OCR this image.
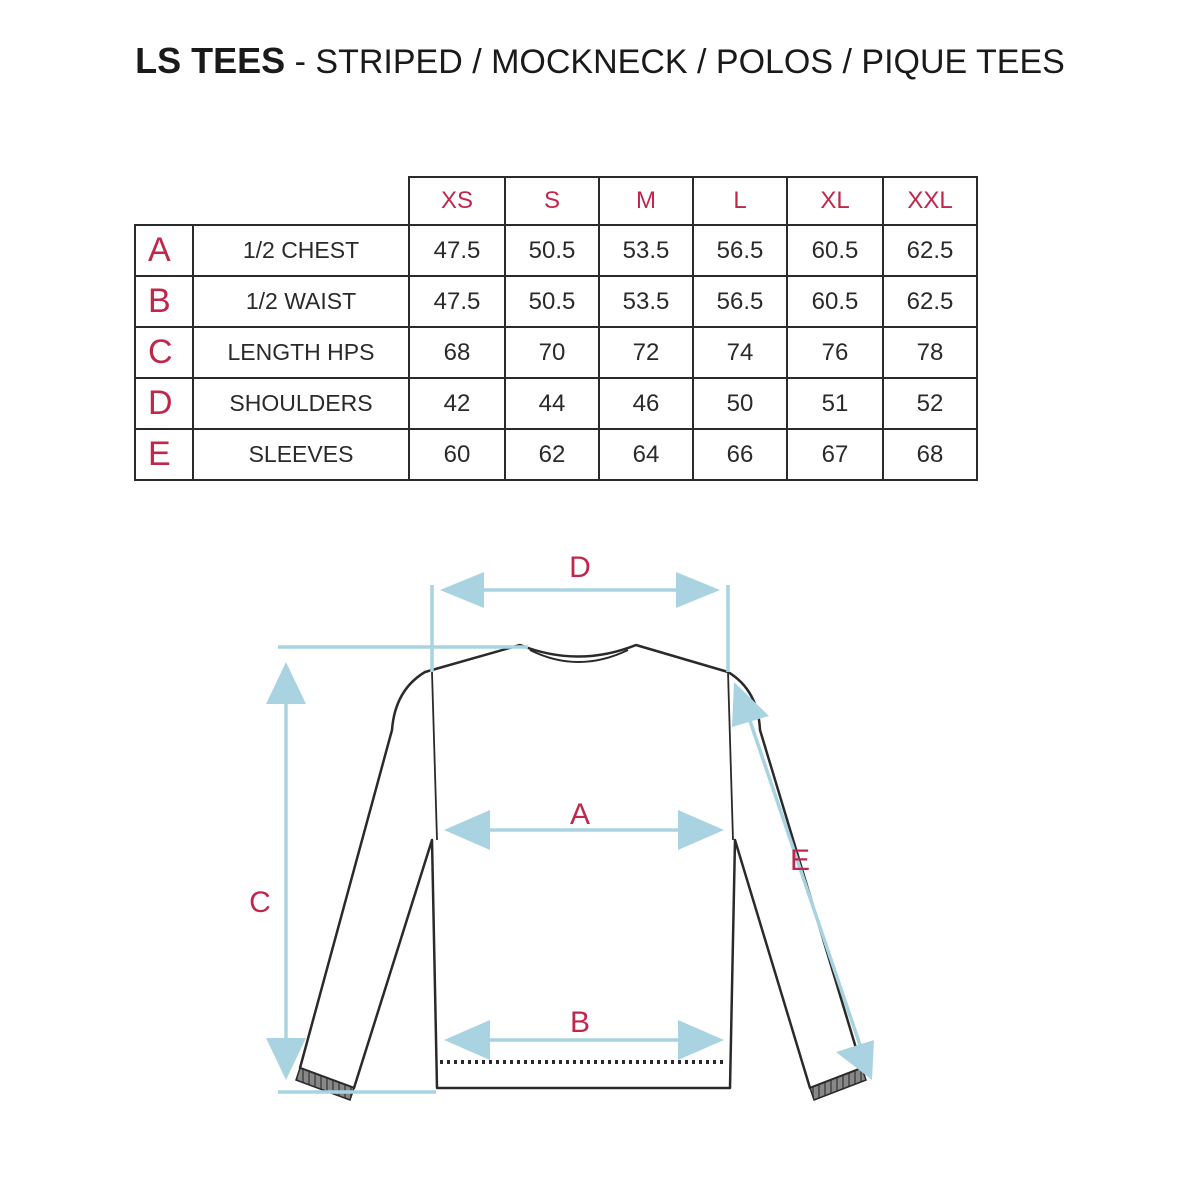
LS TEES - STRIPED / MOCKNECK / POLOS / PIQUE TEES
		XS	S	M	L	XL	XXL
A	1/2 CHEST	47.5	50.5	53.5	56.5	60.5	62.5
B	1/2 WAIST	47.5	50.5	53.5	56.5	60.5	62.5
C	LENGTH HPS	68	70	72	74	76	78
D	SHOULDERS	42	44	46	50	51	52
E	SLEEVES	60	62	64	66	67	68
D
A
B
C
E
